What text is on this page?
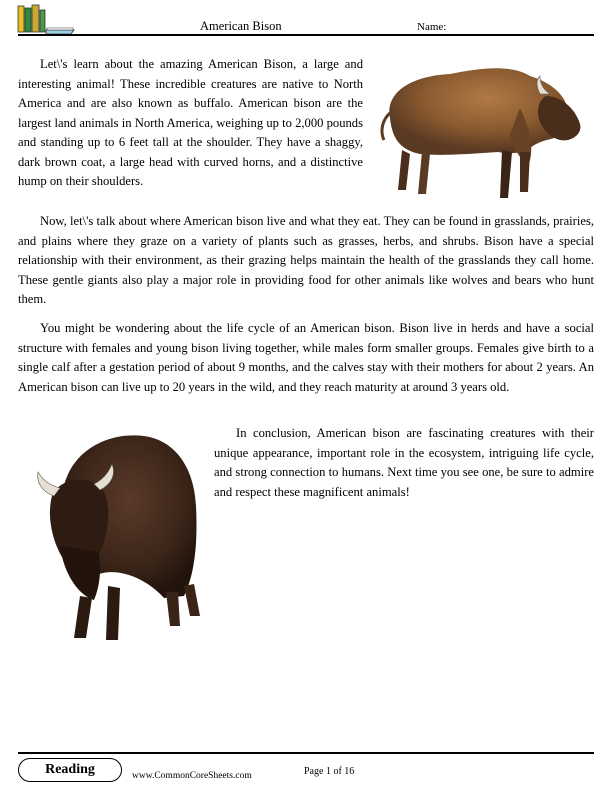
American Bison	Name:

Let\'s learn about the amazing American Bison, a large and interesting animal! These incredible creatures are native to North America and are also known as buffalo. American bison are the largest land animals in North America, weighing up to 2,000 pounds and standing up to 6 feet tall at the shoulder. They have a shaggy, dark brown coat, a large head with curved horns, and a distinctive hump on their shoulders.

Now, let\'s talk about where American bison live and what they eat. They can be found in grasslands, prairies, and plains where they graze on a variety of plants such as grasses, herbs, and shrubs. Bison have a special relationship with their environment, as their grazing helps maintain the health of the grasslands they call home. These gentle giants also play a major role in providing food for other animals like wolves and bears who hunt them.

You might be wondering about the life cycle of an American bison. Bison live in herds and have a social structure with females and young bison living together, while males form smaller groups. Females give birth to a single calf after a gestation period of about 9 months, and the calves stay with their mothers for about 2 years. An American bison can live up to 20 years in the wild, and they reach maturity at around 3 years old.

In conclusion, American bison are fascinating creatures with their unique appearance, important role in the ecosystem, intriguing life cycle, and strong connection to humans. Next time you see one, be sure to admire and respect these magnificent animals!

Reading	www.CommonCoreSheets.com	Page 1 of 16
